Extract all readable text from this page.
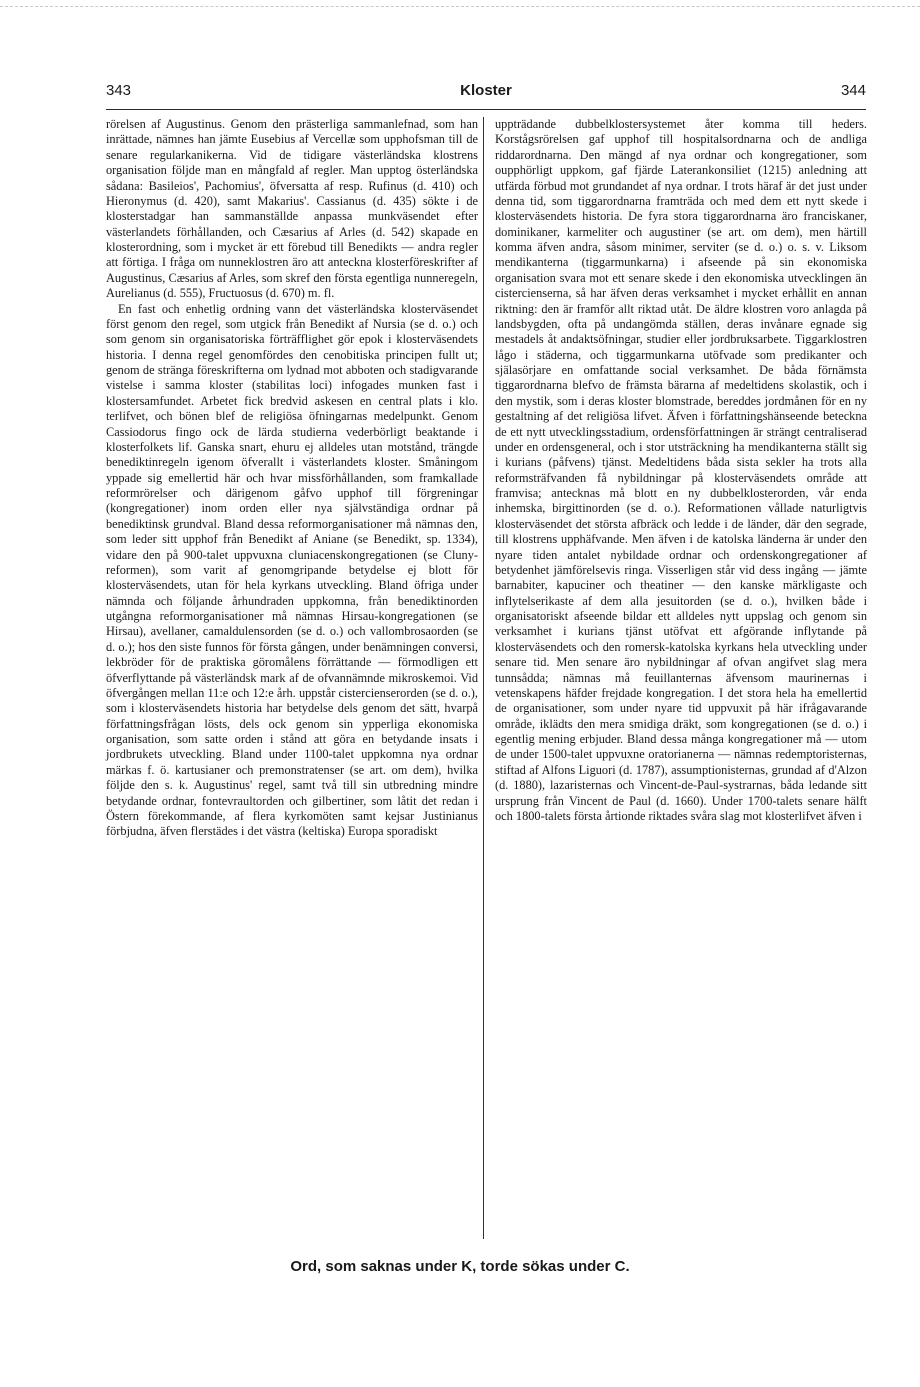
343	Kloster	344

rörelsen af Augustinus. Genom den prästerliga sammanlefnad, som han inrättade, nämnes han jämte Eusebius af Vercellæ som upphofsman till de senare regularkanikerna. Vid de tidigare västerländska klostrens organisation följde man en mångfald af regler. Man upptog österländska sådana: Basileios', Pachomius', öfversatta af resp. Rufinus (d. 410) och Hieronymus (d. 420), samt Makarius'. Cassianus (d. 435) sökte i de klosterstadgar han sammanställde anpassa munkväsendet efter västerlandets förhållanden, och Cæsarius af Arles (d. 542) skapade en klosterordning, som i mycket är ett förebud till Benedikts — andra regler att förtiga. I fråga om nunneklostren äro att anteckna klosterföreskrifter af Augustinus, Cæsarius af Arles, som skref den första egentliga nunneregeln, Aurelianus (d. 555), Fructuosus (d. 670) m. fl.

En fast och enhetlig ordning vann det västerländska klosterväsendet först genom den regel, som utgick från Benedikt af Nursia (se d. o.) och som genom sin organisatoriska förträfflighet gör epok i klosterväsendets historia. I denna regel genomfördes den cenobitiska principen fullt ut; genom de stränga föreskrifterna om lydnad mot abboten och stadigvarande vistelse i samma kloster (stabilitas loci) infogades munken fast i klostersamfundet. Arbetet fick bredvid askesen en central plats i klo. terlifvet, och bönen blef de religiösa öfningarnas medelpunkt. Genom Cassiodorus fingo ock de lärda studierna vederbörligt beaktande i klosterfolkets lif. Ganska snart, ehuru ej alldeles utan motstånd, trängde benediktinregeln igenom öfverallt i västerlandets kloster. Småningom yppade sig emellertid här och hvar missförhållanden, som framkallade reformrörelser och därigenom gåfvo upphof till förgreningar (kongregationer) inom orden eller nya självständiga ordnar på benediktinsk grundval. Bland dessa reformorganisationer må nämnas den, som leder sitt upphof från Benedikt af Aniane (se Benedikt, sp. 1334), vidare den på 900-talet uppvuxna cluniacenskongregationen (se Cluny-reformen), som varit af genomgripande betydelse ej blott för klosterväsendets, utan för hela kyrkans utveckling. Bland öfriga under nämnda och följande århundraden uppkomna, från benediktinorden utgångna reformorganisationer må nämnas Hirsau-kongregationen (se Hirsau), avellaner, camaldulensorden (se d. o.) och vallombrosaorden (se d. o.); hos den siste funnos för första gången, under benämningen conversi, lekbröder för de praktiska göromålens förrättande — förmodligen ett öfverflyttande på västerländsk mark af de ofvannämnde mikroskemoi. Vid öfvergången mellan 11:e och 12:e årh. uppstår cistercienserorden (se d. o.), som i klosterväsendets historia har betydelse dels genom det sätt, hvarpå författningsfrågan lösts, dels ock genom sin ypperliga ekonomiska organisation, som satte orden i stånd att göra en betydande insats i jordbrukets utveckling. Bland under 1100-talet uppkomna nya ordnar märkas f. ö. kartusianer och premonstratenser (se art. om dem), hvilka följde den s. k. Augustinus' regel, samt två till sin utbredning mindre betydande ordnar, fontevraultorden och gilbertiner, som låtit det redan i Östern förekommande, af flera kyrkomöten samt kejsar Justinianus förbjudna, äfven flerstädes i det västra (keltiska) Europa sporadiskt

uppträdande dubbelklostersystemet åter komma till heders. Korstågsrörelsen gaf upphof till hospitalsordnarna och de andliga riddarordnarna. Den mängd af nya ordnar och kongregationer, som oupphörligt uppkom, gaf fjärde Laterankonsiliet (1215) anledning att utfärda förbud mot grundandet af nya ordnar. I trots häraf är det just under denna tid, som tiggarordnarna framträda och med dem ett nytt skede i klosterväsendets historia. De fyra stora tiggarordnarna äro franciskaner, dominikaner, karmeliter och augustiner (se art. om dem), men härtill komma äfven andra, såsom minimer, serviter (se d. o.) o. s. v. Liksom mendikanterna (tiggarmunkarna) i afseende på sin ekonomiska organisation svara mot ett senare skede i den ekonomiska utvecklingen än cistercienserna, så har äfven deras verksamhet i mycket erhållit en annan riktning: den är framför allt riktad utåt. De äldre klostren voro anlagda på landsbygden, ofta på undangömda ställen, deras invånare egnade sig mestadels åt andaktsöfningar, studier eller jordbruksarbete. Tiggarklostren lågo i städerna, och tiggarmunkarna utöfvade som predikanter och själasörjare en omfattande social verksamhet. De båda förnämsta tiggarordnarna blefvo de främsta bärarna af medeltidens skolastik, och i den mystik, som i deras kloster blomstrade, bereddes jordmånen för en ny gestaltning af det religiösa lifvet. Äfven i författningshänseende beteckna de ett nytt utvecklingsstadium, ordensförfattningen är strängt centraliserad under en ordensgeneral, och i stor utsträckning ha mendikanterna ställt sig i kurians (påfvens) tjänst. Medeltidens båda sista sekler ha trots alla reformsträfvanden få nybildningar på klosterväsendets område att framvisa; antecknas må blott en ny dubbelklosterorden, vår enda inhemska, birgittinorden (se d. o.). Reformationen vållade naturligtvis klosterväsendet det största afbräck och ledde i de länder, där den segrade, till klostrens upphäfvande. Men äfven i de katolska länderna är under den nyare tiden antalet nybildade ordnar och ordenskongregationer af betydenhet jämförelsevis ringa. Visserligen står vid dess ingång — jämte barnabiter, kapuciner och theatiner — den kanske märkligaste och inflytelserikaste af dem alla jesuitorden (se d. o.), hvilken både i organisatoriskt afseende bildar ett alldeles nytt uppslag och genom sin verksamhet i kurians tjänst utöfvat ett afgörande inflytande på klosterväsendets och den romersk-katolska kyrkans hela utveckling under senare tid. Men senare äro nybildningar af ofvan angifvet slag mera tunnsådda; nämnas må feuillanternas äfvensom maurinernas i vetenskapens häfder frejdade kongregation. I det stora hela ha emellertid de organisationer, som under nyare tid uppvuxit på här ifrågavarande område, iklädts den mera smidiga dräkt, som kongregationen (se d. o.) i egentlig mening erbjuder. Bland dessa många kongregationer må — utom de under 1500-talet uppvuxne oratorianerna — nämnas redemptoristernas, stiftad af Alfons Liguori (d. 1787), assumptionisternas, grundad af d'Alzon (d. 1880), lazaristernas och Vincent-de-Paul-systrarnas, båda ledande sitt ursprung från Vincent de Paul (d. 1660). Under 1700-talets senare hälft och 1800-talets första årtionde riktades svåra slag mot klosterlifvet äfven i

Ord, som saknas under K, torde sökas under C.
